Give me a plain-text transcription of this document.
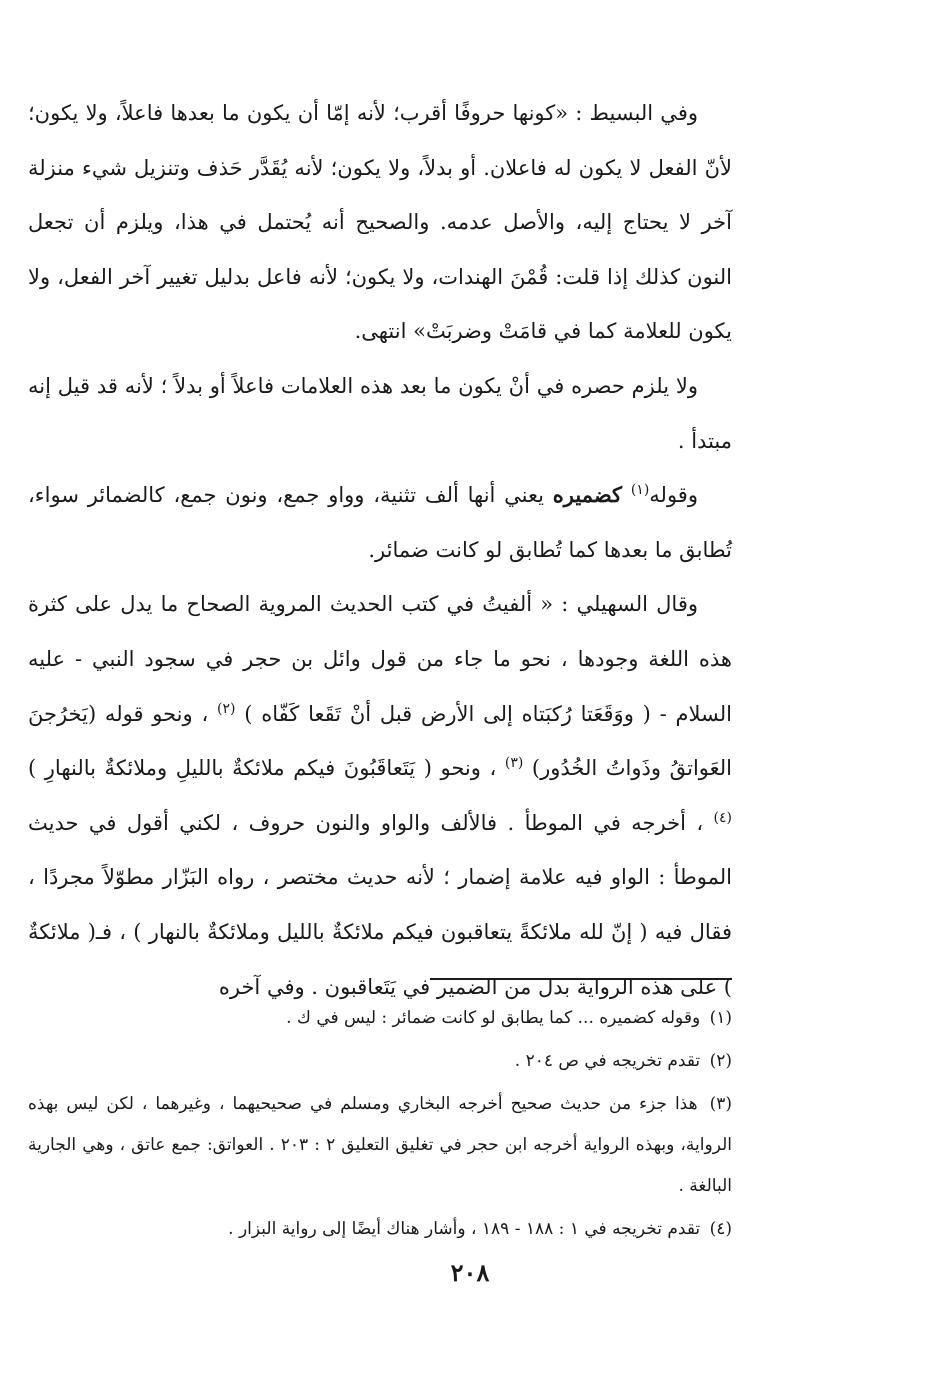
وفي البسيط : «كونها حروفًا أقرب؛ لأنه إمّا أن يكون ما بعدها فاعلاً، ولا يكون؛ لأنّ الفعل لا يكون له فاعلان. أو بدلاً، ولا يكون؛ لأنه يُقَدَّر حَذف وتنزيل شيء منزلة آخر لا يحتاج إليه، والأصل عدمه. والصحيح أنه يُحتمل في هذا، ويلزم أن تجعل النون كذلك إذا قلت: قُمْنَ الهندات، ولا يكون؛ لأنه فاعل بدليل تغيير آخر الفعل، ولا يكون للعلامة كما في قامَتْ وضربَتْ» انتهى.

ولا يلزم حصره في أنْ يكون ما بعد هذه العلامات فاعلاً أو بدلاً ؛ لأنه قد قيل إنه مبتدأ .

وقوله$^{(١)}$ كضميره يعني أنها ألف تثنية، وواو جمع، ونون جمع، كالضمائر سواء، تُطابق ما بعدها كما تُطابق لو كانت ضمائر.

وقال السهيلي : « ألفيتُ في كتب الحديث المروية الصحاح ما يدل على كثرة هذه اللغة وجودها ، نحو ما جاء من قول وائل بن حجر في سجود النبي - عليه السلام - ( ووَقَعَتا رُكبَتاه إلى الأرض قبل أنْ تَقَعا كَفّاه ) $^{(٢)}$ ، ونحو قوله (يَخرُجنَ العَواتقُ وذَواتُ الخُدُور) $^{(٣)}$ ، ونحو ( يَتَعاقَبُونَ فيكم ملائكةٌ بالليلِ وملائكةٌ بالنهارِ ) $^{(٤)}$ ، أخرجه في الموطأ . فالألف والواو والنون حروف ، لكني أقول في حديث الموطأ : الواو فيه علامة إضمار ؛ لأنه حديث مختصر ، رواه البَزّار مطوّلاً مجردًا ، فقال فيه ( إنّ لله ملائكةً يتعاقبون فيكم ملائكةٌ بالليل وملائكةٌ بالنهار ) ، فـ( ملائكةٌ ) على هذه الرواية بدل من الضمير في يَتَعاقبون . وفي آخره

(١) وقوله كضميره ... كما يطابق لو كانت ضمائر : ليس في ك .

(٢) تقدم تخريجه في ص ٢٠٤ .

(٣) هذا جزء من حديث صحيح أخرجه البخاري ومسلم في صحيحيهما ، وغيرهما ، لكن ليس بهذه الرواية، وبهذه الرواية أخرجه ابن حجر في تغليق التعليق ٢ : ٢٠٣ . العواتق: جمع عاتق ، وهي الجارية البالغة .

(٤) تقدم تخريجه في ١ : ١٨٨ - ١٨٩ ، وأشار هناك أيضًا إلى رواية البزار .

٢٠٨
